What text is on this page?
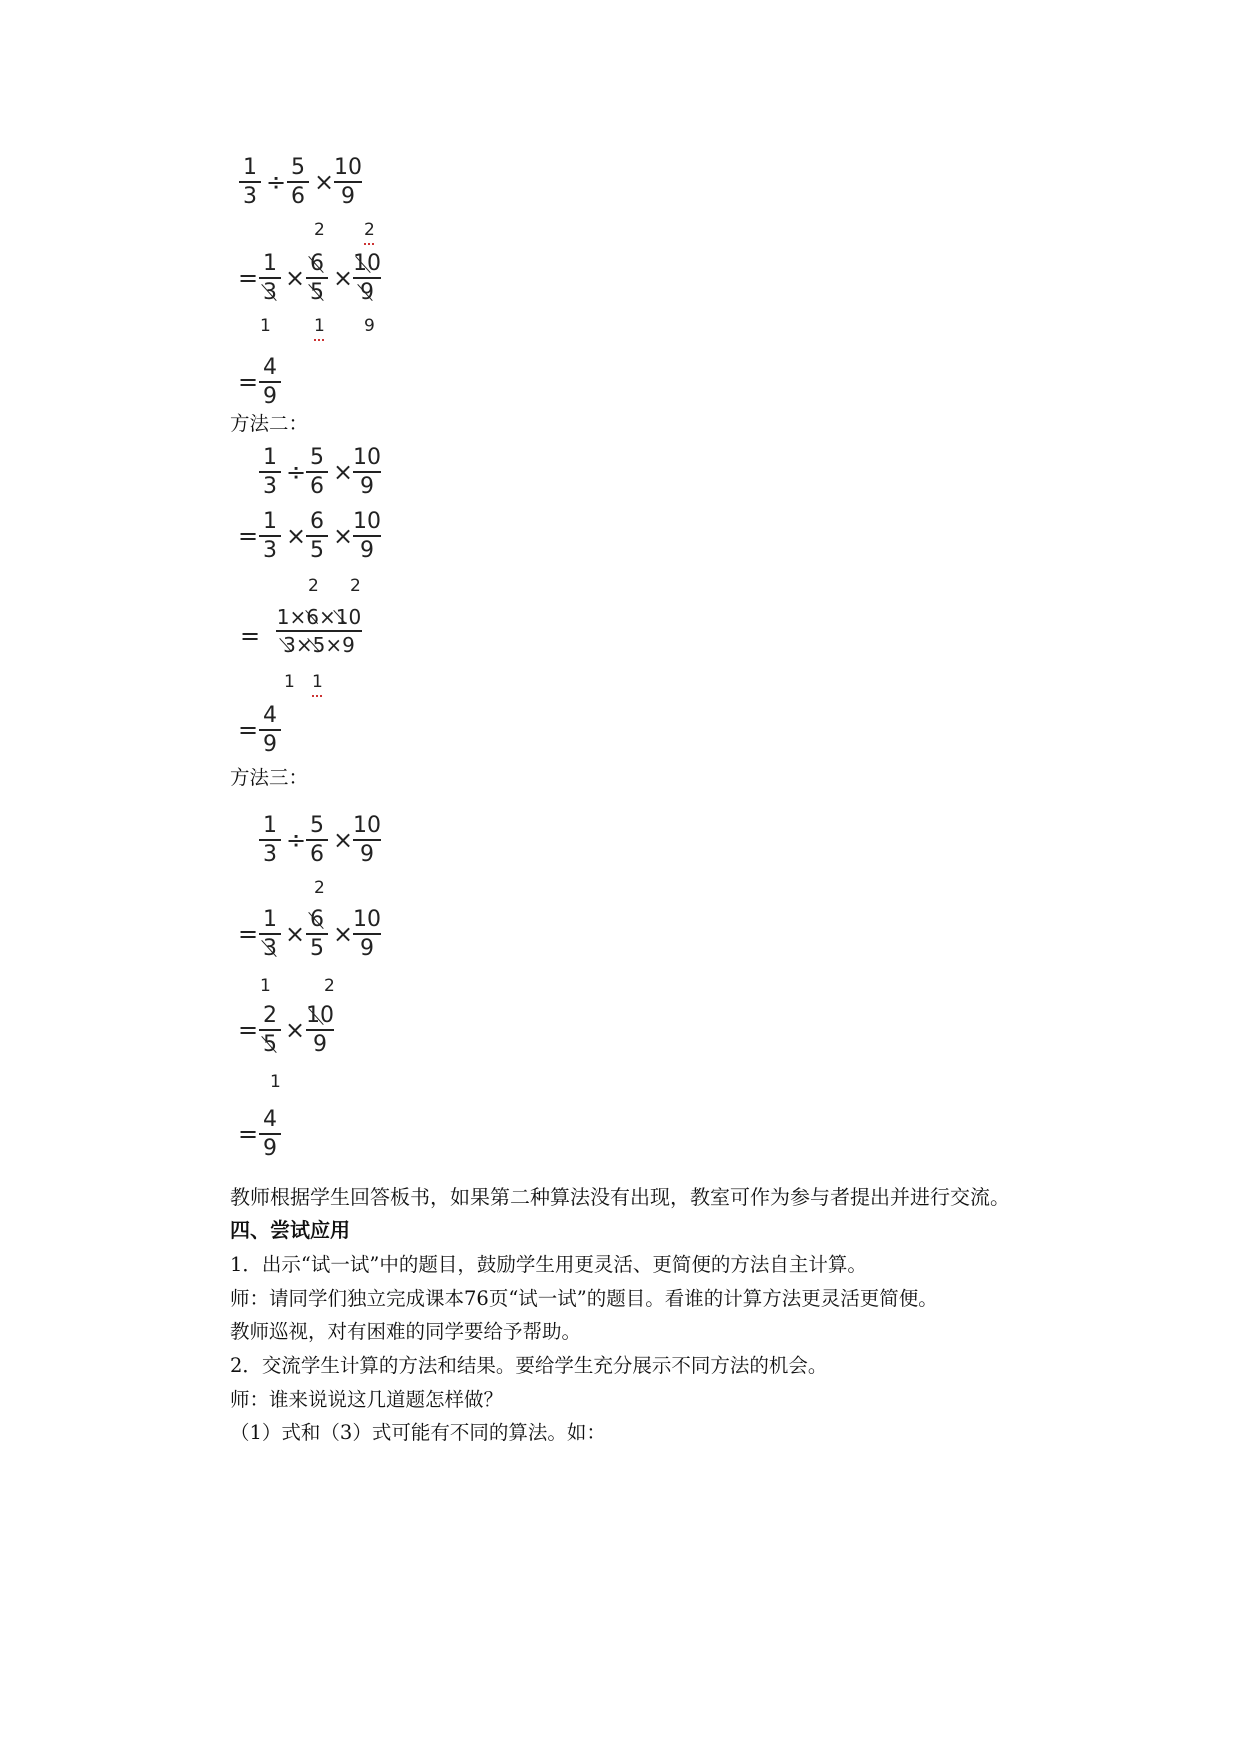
1
3
÷
5
6
×
10
9
2 2
=
1
3
×
6
5
×
10
9
1	1 9
=
4
9
方法二：
1
3
÷
5
6
×
10
9
=
1
3
×
6
5
×
10
9
2 2
=
1×6×10
3×5×9
1 1
=
4
9
方法三：
1
3
÷
5
6
×
10
9
2
=
1
3
×
6
5
×
10
9
1	2
=
2
5
×
10
9
1
=
4
9
教师根据学生回答板书，如果第二种算法没有出现，教室可作为参与者提出并进行交流。
四、尝试应用
1．出示“试一试”中的题目，鼓励学生用更灵活、更简便的方法自主计算。
师：请同学们独立完成课本76页“试一试”的题目。看谁的计算方法更灵活更简便。
教师巡视，对有困难的同学要给予帮助。
2．交流学生计算的方法和结果。要给学生充分展示不同方法的机会。
师：谁来说说这几道题怎样做？
（1）式和（3）式可能有不同的算法。如：
